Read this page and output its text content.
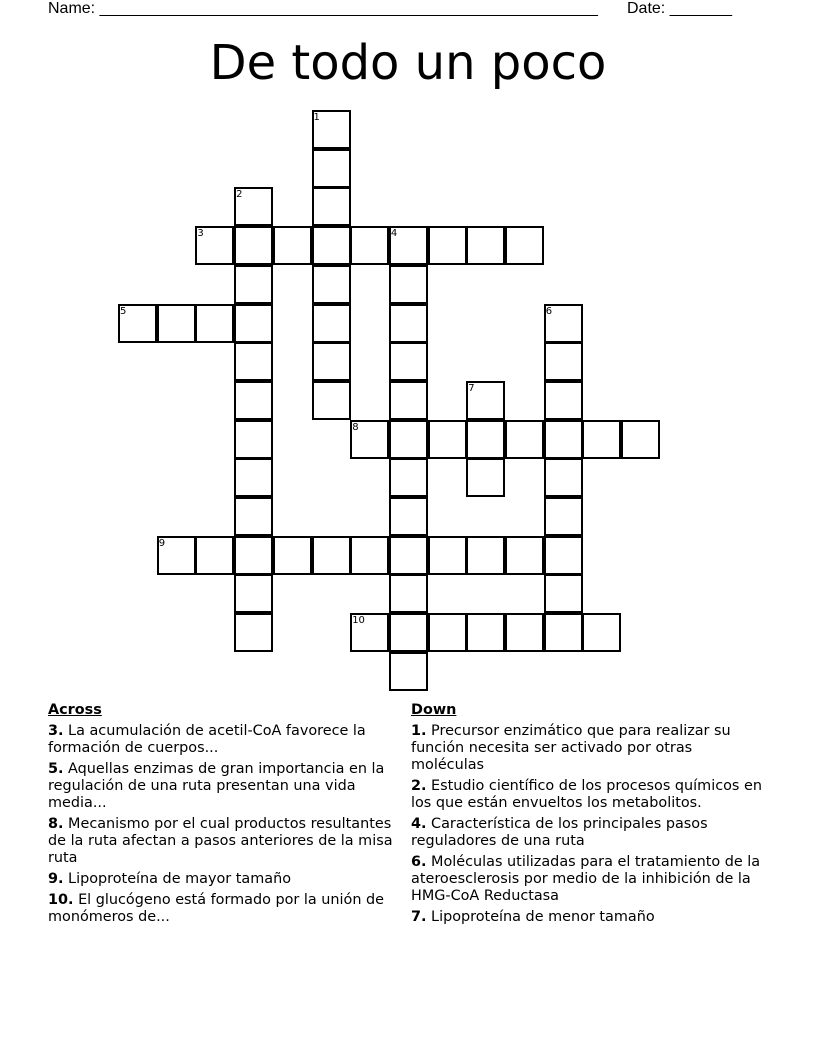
Name: ________________________________________________________ Date: _______
De todo un poco
1
2
3	4
5	6
7
8
9
10
Across
3. La acumulación de acetil-CoA favorece la formación de cuerpos...
5. Aquellas enzimas de gran importancia en la regulación de una ruta presentan una vida media...
8. Mecanismo por el cual productos resultantes de la ruta afectan a pasos anteriores de la misa ruta
9. Lipoproteína de mayor tamaño
10. El glucógeno está formado por la unión de monómeros de...
Down
1. Precursor enzimático que para realizar su función necesita ser activado por otras moléculas
2. Estudio científico de los procesos químicos en los que están envueltos los metabolitos.
4. Característica de los principales pasos reguladores de una ruta
6. Moléculas utilizadas para el tratamiento de la ateroesclerosis por medio de la inhibición de la HMG-CoA Reductasa
7. Lipoproteína de menor tamaño
